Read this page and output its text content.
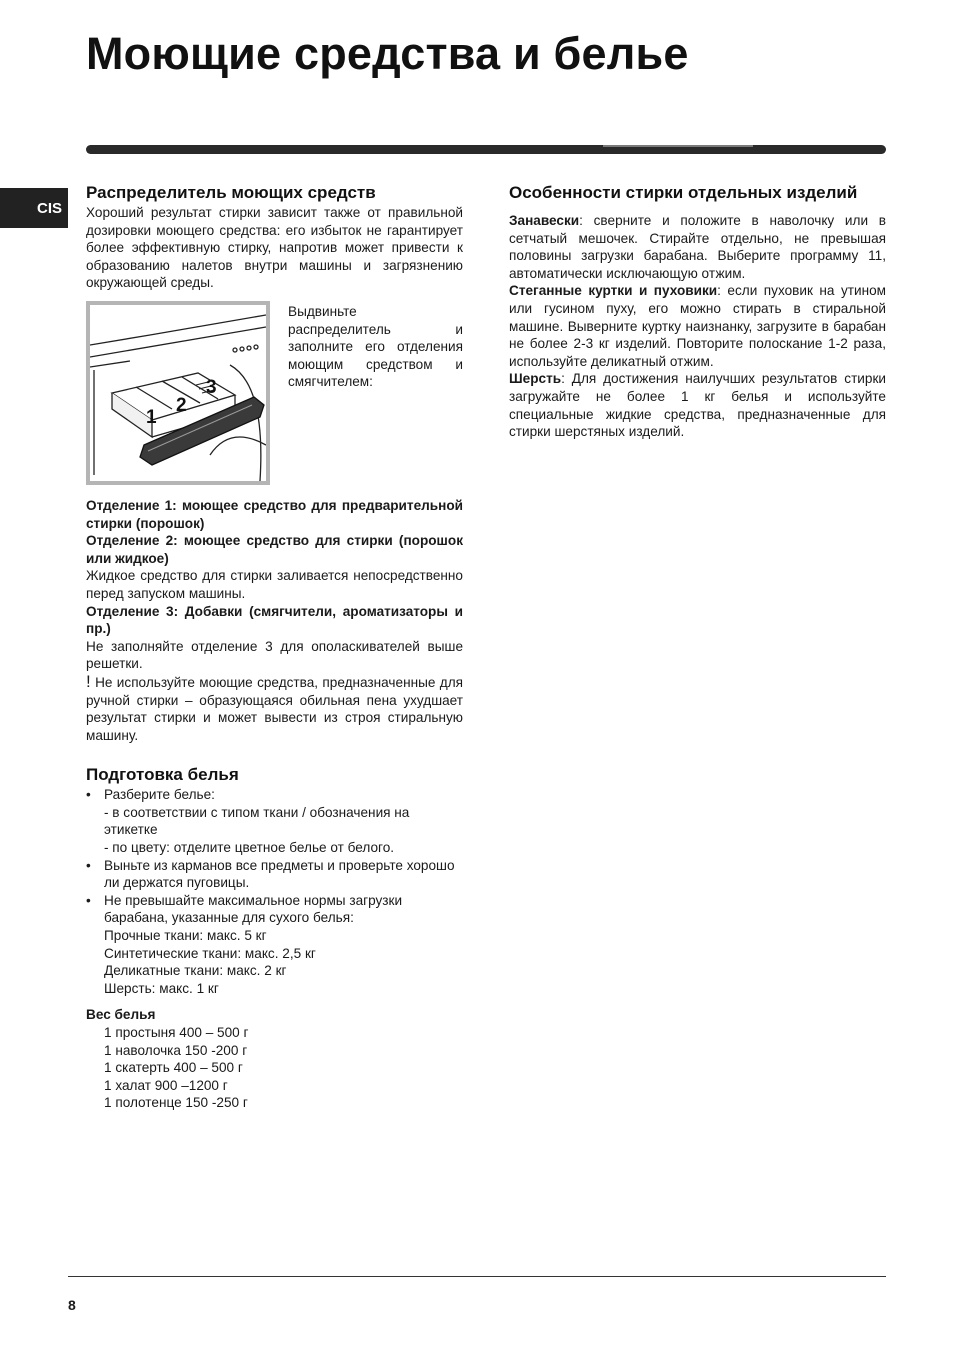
Моющие средства и белье
CIS
Распределитель моющих средств

Хороший результат стирки зависит также от правильной дозировки моющего средства: его избыток не гарантирует более эффективную стирку, напротив может привести к образованию налетов внутри машины и загрязнению окружающей среды.

Выдвиньте распределитель и заполните его отделения моющим средством и смягчителем:

Отделение 1: моющее средство для предварительной стирки (порошок)

Отделение 2: моющее средство для стирки (порошок или жидкое)

Жидкое средство для стирки заливается непосредственно перед запуском машины.

Отделение 3: Добавки (смягчители, ароматизаторы и пр.)

Не заполняйте отделение 3 для ополаскивателей выше решетки.

! Не используйте моющие средства, предназначенные для ручной стирки – образующаяся обильная пена ухудшает результат стирки и может вывести из строя стиральную машину.

Подготовка белья
• Разберите белье:
- в соответствии с типом ткани / обозначения на этикетке
- по цвету: отделите цветное белье от белого.
• Выньте из карманов все предметы и проверьте хорошо ли держатся пуговицы.
• Не превышайте максимальное нормы загрузки барабана, указанные для сухого белья:
Прочные ткани: макс. 5 кг
Синтетические ткани: макс. 2,5 кг
Деликатные ткани: макс. 2 кг
Шерсть: макс. 1 кг
Вес белья
1 простыня 400 – 500 г
1 наволочка 150 -200 г
1 скатерть 400 – 500 г
1 халат 900 –1200 г
1 полотенце 150 -250 г
Особенности стирки отдельных изделий

Занавески: сверните и положите в наволочку или в сетчатый мешочек. Стирайте отдельно, не превышая половины загрузки барабана. Выберите программу 11, автоматически исключающую отжим.

Стеганные куртки и пуховики: если пуховик на утином или гусином пуху, его можно стирать в стиральной машине. Выверните куртку наизнанку, загрузите в барабан не более 2-3 кг изделий. Повторите полоскание 1-2 раза, используйте деликатный отжим.

Шерсть: Для достижения наилучших результатов стирки загружайте не более 1 кг белья и используйте специальные жидкие средства, предназначенные для стирки шерстяных изделий.

8
1
2
3
